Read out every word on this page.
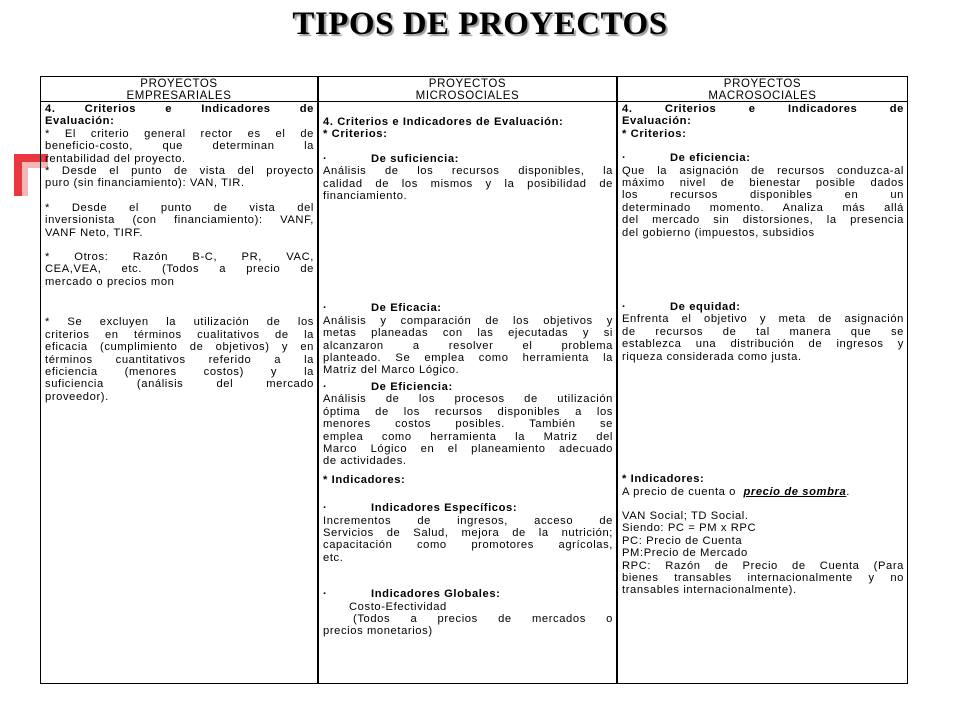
TIPOS DE PROYECTOS
PROYECTOS
EMPRESARIALES
4. Criterios e Indicadores de
Evaluación:
* El criterio general rector es el de
beneficio-costo, que determinan la
rentabilidad del proyecto.
* Desde el punto de vista del proyecto
puro (sin financiamiento): VAN, TIR.
* Desde el punto de vista del
inversionista (con financiamiento): VANF,
VANF Neto, TIRF.
* Otros: Razón B-C, PR, VAC,
CEA,VEA, etc. (Todos a precio de
mercado o precios mon
* Se excluyen la utilización de los
criterios en términos cualitativos de la
eficacia (cumplimiento de objetivos) y en
términos cuantitativos referido a la
eficiencia (menores costos) y la
suficiencia (análisis del mercado
proveedor).
PROYECTOS
MICROSOCIALES
4. Criterios e Indicadores de Evaluación:
* Criterios:
·	De suficiencia:
Análisis de los recursos disponibles, la
calidad de los mismos y la posibilidad de
financiamiento.
·	De Eficacia:
Análisis y comparación de los objetivos y
metas planeadas con las ejecutadas y si
alcanzaron a resolver el problema
planteado. Se emplea como herramienta la
Matriz del Marco Lógico.
·	De Eficiencia:
Análisis de los procesos de utilización
óptima de los recursos disponibles a los
menores costos posibles. También se
emplea como herramienta la Matriz del
Marco Lógico en el planeamiento adecuado
de actividades.
* Indicadores:
·	Indicadores Específicos:
Incrementos de ingresos, acceso de
Servicios de Salud, mejora de la nutrición;
capacitación como promotores agrícolas,
etc.
·	Indicadores Globales:
Costo-Efectividad
(Todos a precios de mercados o
precios monetarios)
PROYECTOS
MACROSOCIALES
4. Criterios e Indicadores de
Evaluación:
* Criterios:
·	De eficiencia:
Que la asignación de recursos conduzca-al
máximo nivel de bienestar posible dados
los recursos disponibles en un
determinado momento. Analiza más allá
del mercado sin distorsiones, la presencia
del gobierno (impuestos, subsidios
·	De equidad:
Enfrenta el objetivo y meta de asignación
de recursos de tal manera que se
establezca una distribución de ingresos y
riqueza considerada como justa.
* Indicadores:
A precio de cuenta o  precio de sombra.
VAN Social; TD Social.
Siendo: PC = PM x RPC
PC: Precio de Cuenta
PM:Precio de Mercado
RPC: Razón de Precio de Cuenta (Para
bienes transables internacionalmente y no
transables internacionalmente).
